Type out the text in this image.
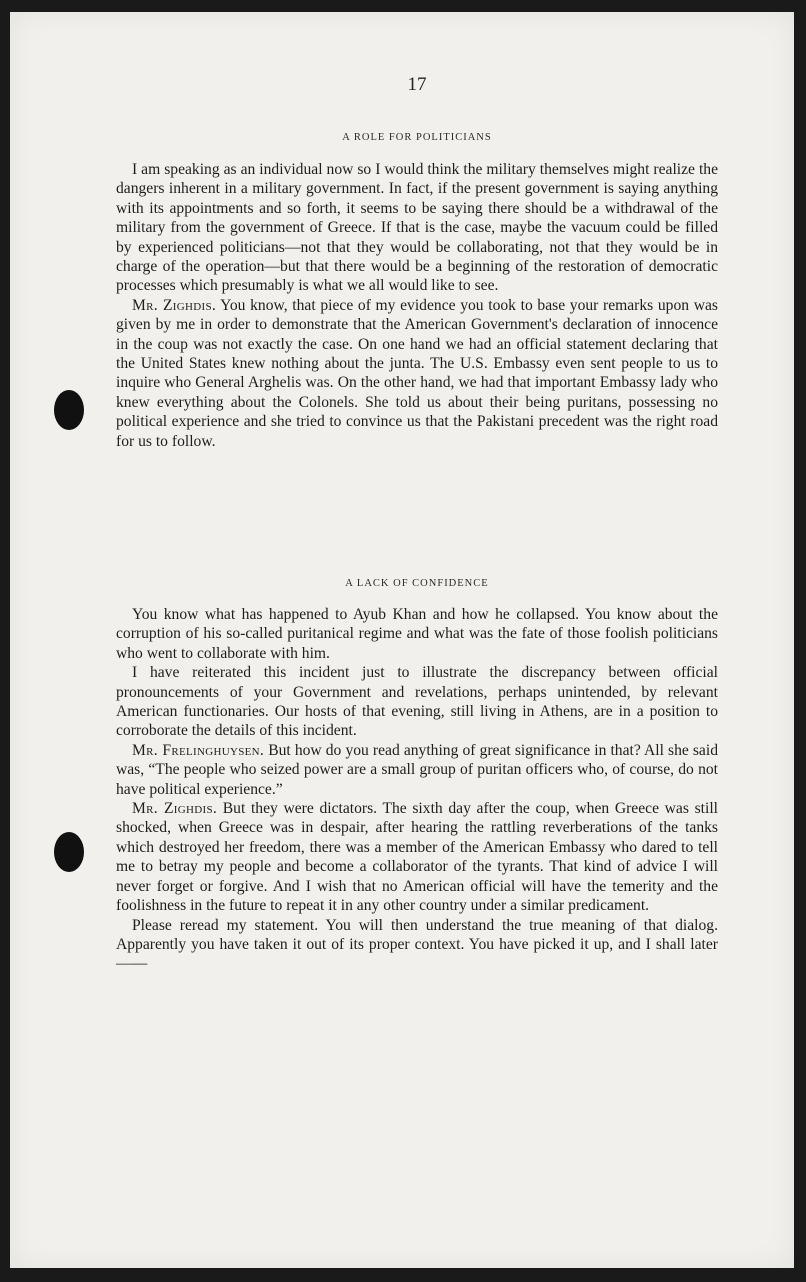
17

A ROLE FOR POLITICIANS

I am speaking as an individual now so I would think the military themselves might realize the dangers inherent in a military government. In fact, if the present government is saying anything with its appointments and so forth, it seems to be saying there should be a withdrawal of the military from the government of Greece. If that is the case, maybe the vacuum could be filled by experienced politicians—not that they would be collaborating, not that they would be in charge of the operation—but that there would be a beginning of the restoration of democratic processes which presumably is what we all would like to see.

Mr. Zighdis. You know, that piece of my evidence you took to base your remarks upon was given by me in order to demonstrate that the American Government's declaration of innocence in the coup was not exactly the case. On one hand we had an official statement declaring that the United States knew nothing about the junta. The U.S. Embassy even sent people to us to inquire who General Arghelis was. On the other hand, we had that important Embassy lady who knew everything about the Colonels. She told us about their being puritans, possessing no political experience and she tried to convince us that the Pakistani precedent was the right road for us to follow.

A LACK OF CONFIDENCE

You know what has happened to Ayub Khan and how he collapsed. You know about the corruption of his so-called puritanical regime and what was the fate of those foolish politicians who went to collaborate with him.

I have reiterated this incident just to illustrate the discrepancy between official pronouncements of your Government and revelations, perhaps unintended, by relevant American functionaries. Our hosts of that evening, still living in Athens, are in a position to corroborate the details of this incident.

Mr. Frelinghuysen. But how do you read anything of great significance in that? All she said was, “The people who seized power are a small group of puritan officers who, of course, do not have political experience.”

Mr. Zighdis. But they were dictators. The sixth day after the coup, when Greece was still shocked, when Greece was in despair, after hearing the rattling reverberations of the tanks which destroyed her freedom, there was a member of the American Embassy who dared to tell me to betray my people and become a collaborator of the tyrants. That kind of advice I will never forget or forgive. And I wish that no American official will have the temerity and the foolishness in the future to repeat it in any other country under a similar predicament.

Please reread my statement. You will then understand the true meaning of that dialog. Apparently you have taken it out of its proper context. You have picked it up, and I shall later——
